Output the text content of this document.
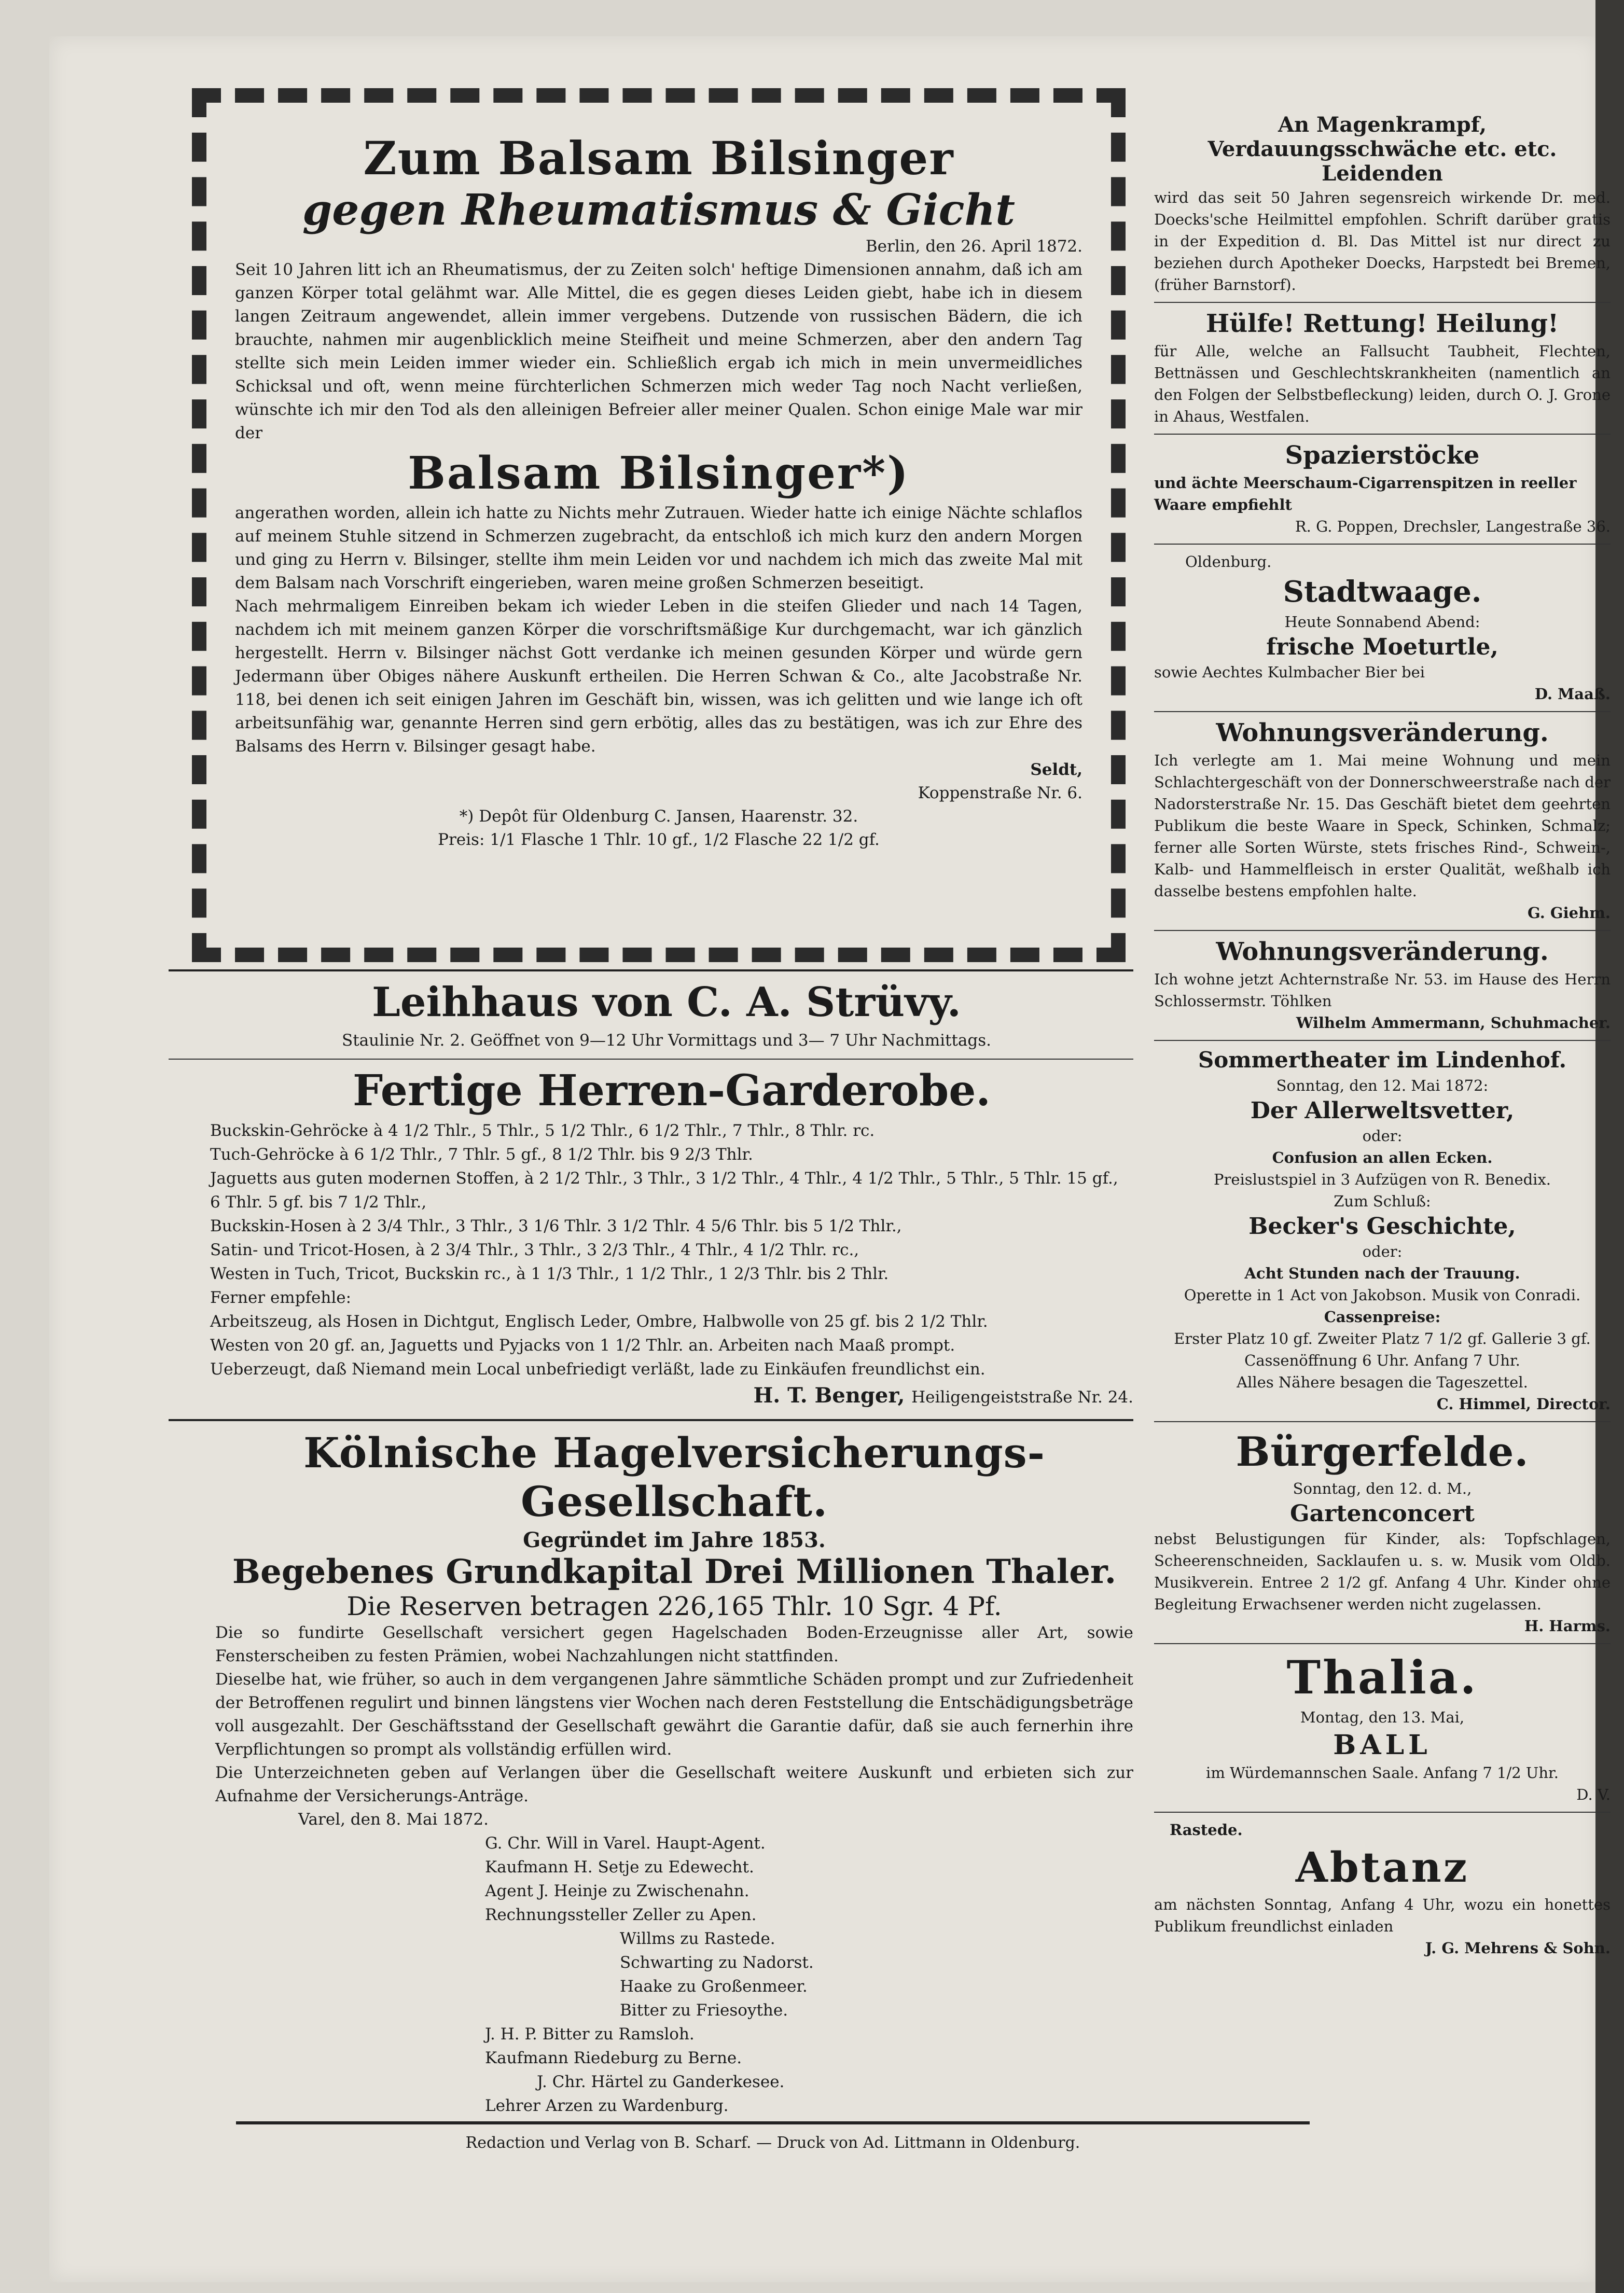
Zum Balsam Bilsinger
gegen Rheumatismus & Gicht

Berlin, den 26. April 1872.

Seit 10 Jahren litt ich an Rheumatismus, der zu Zeiten solch' heftige Dimensionen annahm, daß ich am ganzen Körper total gelähmt war. Alle Mittel, die es gegen dieses Leiden giebt, habe ich in diesem langen Zeitraum angewendet, allein immer vergebens. Dutzende von russischen Bädern, die ich brauchte, nahmen mir augenblicklich meine Steifheit und meine Schmerzen, aber den andern Tag stellte sich mein Leiden immer wieder ein. Schließlich ergab ich mich in mein unvermeidliches Schicksal und oft, wenn meine fürchterlichen Schmerzen mich weder Tag noch Nacht verließen, wünschte ich mir den Tod als den alleinigen Befreier aller meiner Qualen. Schon einige Male war mir der

Balsam Bilsinger*)

angerathen worden, allein ich hatte zu Nichts mehr Zutrauen. Wieder hatte ich einige Nächte schlaflos auf meinem Stuhle sitzend in Schmerzen zugebracht, da entschloß ich mich kurz den andern Morgen und ging zu Herrn v. Bilsinger, stellte ihm mein Leiden vor und nachdem ich mich das zweite Mal mit dem Balsam nach Vorschrift eingerieben, waren meine großen Schmerzen beseitigt.

Nach mehrmaligem Einreiben bekam ich wieder Leben in die steifen Glieder und nach 14 Tagen, nachdem ich mit meinem ganzen Körper die vorschriftsmäßige Kur durchgemacht, war ich gänzlich hergestellt. Herrn v. Bilsinger nächst Gott verdanke ich meinen gesunden Körper und würde gern Jedermann über Obiges nähere Auskunft ertheilen. Die Herren Schwan & Co., alte Jacobstraße Nr. 118, bei denen ich seit einigen Jahren im Geschäft bin, wissen, was ich gelitten und wie lange ich oft arbeitsunfähig war, genannte Herren sind gern erbötig, alles das zu bestätigen, was ich zur Ehre des Balsams des Herrn v. Bilsinger gesagt habe.

Seldt,

Koppenstraße Nr. 6.

*) Depôt für Oldenburg C. Jansen, Haarenstr. 32.

Preis: 1/1 Flasche 1 Thlr. 10 gf., 1/2 Flasche 22 1/2 gf.

Leihhaus von C. A. Strüvy.

Staulinie Nr. 2. Geöffnet von 9—12 Uhr Vormittags und 3— 7 Uhr Nachmittags.

Fertige Herren-Garderobe.

Buckskin-Gehröcke à 4 1/2 Thlr., 5 Thlr., 5 1/2 Thlr., 6 1/2 Thlr., 7 Thlr., 8 Thlr. rc.

Tuch-Gehröcke à 6 1/2 Thlr., 7 Thlr. 5 gf., 8 1/2 Thlr. bis 9 2/3 Thlr.

Jaguetts aus guten modernen Stoffen, à 2 1/2 Thlr., 3 Thlr., 3 1/2 Thlr., 4 Thlr., 4 1/2 Thlr., 5 Thlr., 5 Thlr. 15 gf., 6 Thlr. 5 gf. bis 7 1/2 Thlr.,

Buckskin-Hosen à 2 3/4 Thlr., 3 Thlr., 3 1/6 Thlr. 3 1/2 Thlr. 4 5/6 Thlr. bis 5 1/2 Thlr.,

Satin- und Tricot-Hosen, à 2 3/4 Thlr., 3 Thlr., 3 2/3 Thlr., 4 Thlr., 4 1/2 Thlr. rc.,

Westen in Tuch, Tricot, Buckskin rc., à 1 1/3 Thlr., 1 1/2 Thlr., 1 2/3 Thlr. bis 2 Thlr.

Ferner empfehle:

Arbeitszeug, als Hosen in Dichtgut, Englisch Leder, Ombre, Halbwolle von 25 gf. bis 2 1/2 Thlr.

Westen von 20 gf. an, Jaguetts und Pyjacks von 1 1/2 Thlr. an. Arbeiten nach Maaß prompt.

Ueberzeugt, daß Niemand mein Local unbefriedigt verläßt, lade zu Einkäufen freundlichst ein.

H. T. Benger, Heiligengeiststraße Nr. 24.

Kölnische Hagelversicherungs-Gesellschaft.

Gegründet im Jahre 1853.

Begebenes Grundkapital Drei Millionen Thaler.

Die Reserven betragen 226,165 Thlr. 10 Sgr. 4 Pf.

Die so fundirte Gesellschaft versichert gegen Hagelschaden Boden-Erzeugnisse aller Art, sowie Fensterscheiben zu festen Prämien, wobei Nachzahlungen nicht stattfinden.

Dieselbe hat, wie früher, so auch in dem vergangenen Jahre sämmtliche Schäden prompt und zur Zufriedenheit der Betroffenen regulirt und binnen längstens vier Wochen nach deren Feststellung die Entschädigungsbeträge voll ausgezahlt. Der Geschäftsstand der Gesellschaft gewährt die Garantie dafür, daß sie auch fernerhin ihre Verpflichtungen so prompt als vollständig erfüllen wird.

Die Unterzeichneten geben auf Verlangen über die Gesellschaft weitere Auskunft und erbieten sich zur Aufnahme der Versicherungs-Anträge.

Varel, den 8. Mai 1872.

G. Chr. Will in Varel. Haupt-Agent.

Kaufmann H. Setje zu Edewecht.

Agent J. Heinje zu Zwischenahn.

Rechnungssteller Zeller zu Apen.

Willms zu Rastede.

Schwarting zu Nadorst.

Haake zu Großenmeer.

Bitter zu Friesoythe.

J. H. P. Bitter zu Ramsloh.

Kaufmann Riedeburg zu Berne.

J. Chr. Härtel zu Ganderkesee.

Lehrer Arzen zu Wardenburg.

An Magenkrampf, Verdauungsschwäche etc. etc. Leidenden

wird das seit 50 Jahren segensreich wirkende Dr. med. Doecks'sche Heilmittel empfohlen. Schrift darüber gratis in der Expedition d. Bl. Das Mittel ist nur direct zu beziehen durch Apotheker Doecks, Harpstedt bei Bremen, (früher Barnstorf).

Hülfe! Rettung! Heilung!

für Alle, welche an Fallsucht Taubheit, Flechten, Bettnässen und Geschlechtskrankheiten (namentlich an den Folgen der Selbstbefleckung) leiden, durch O. J. Grone in Ahaus, Westfalen.

Spazierstöcke

und ächte Meerschaum-Cigarrenspitzen in reeller Waare empfiehlt

R. G. Poppen, Drechsler, Langestraße 36.

Oldenburg.

Stadtwaage.

Heute Sonnabend Abend:

frische Moeturtle,

sowie Aechtes Kulmbacher Bier bei

D. Maaß.

Wohnungsveränderung.

Ich verlegte am 1. Mai meine Wohnung und mein Schlachtergeschäft von der Donnerschweerstraße nach der Nadorsterstraße Nr. 15. Das Geschäft bietet dem geehrten Publikum die beste Waare in Speck, Schinken, Schmalz; ferner alle Sorten Würste, stets frisches Rind-, Schwein-, Kalb- und Hammelfleisch in erster Qualität, weßhalb ich dasselbe bestens empfohlen halte.

G. Giehm.

Wohnungsveränderung.

Ich wohne jetzt Achternstraße Nr. 53. im Hause des Herrn Schlossermstr. Töhlken

Wilhelm Ammermann, Schuhmacher.

Sommertheater im Lindenhof.

Sonntag, den 12. Mai 1872:

Der Allerweltsvetter,

oder:

Confusion an allen Ecken.

Preislustspiel in 3 Aufzügen von R. Benedix.

Zum Schluß:

Becker's Geschichte,

oder:

Acht Stunden nach der Trauung.

Operette in 1 Act von Jakobson. Musik von Conradi.

Cassenpreise:

Erster Platz 10 gf. Zweiter Platz 7 1/2 gf. Gallerie 3 gf. Cassenöffnung 6 Uhr. Anfang 7 Uhr.

Alles Nähere besagen die Tageszettel.

C. Himmel, Director.

Bürgerfelde.

Sonntag, den 12. d. M.,

Gartenconcert

nebst Belustigungen für Kinder, als: Topfschlagen, Scheerenschneiden, Sacklaufen u. s. w. Musik vom Oldb. Musikverein. Entree 2 1/2 gf. Anfang 4 Uhr. Kinder ohne Begleitung Erwachsener werden nicht zugelassen.

H. Harms.

Thalia.

Montag, den 13. Mai,

BALL

im Würdemannschen Saale. Anfang 7 1/2 Uhr.

D. V.

Rastede.

Abtanz

am nächsten Sonntag, Anfang 4 Uhr, wozu ein honettes Publikum freundlichst einladen

J. G. Mehrens & Sohn.

Redaction und Verlag von B. Scharf. — Druck von Ad. Littmann in Oldenburg.
